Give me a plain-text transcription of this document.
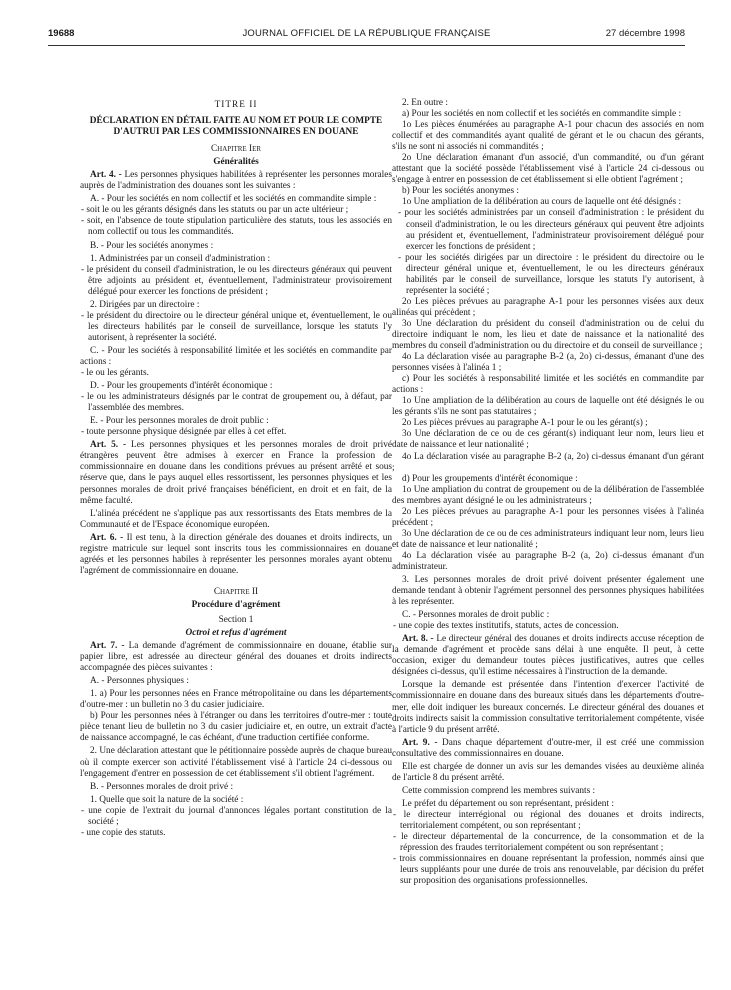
19688	JOURNAL OFFICIEL DE LA RÉPUBLIQUE FRANÇAISE	27 décembre 1998

TITRE II

DÉCLARATION EN DÉTAIL FAITE AU NOM ET POUR LE COMPTE D'AUTRUI PAR LES COMMISSIONNAIRES EN DOUANE

Chapitre Ier

Généralités

Art. 4. - Les personnes physiques habilitées à représenter les personnes morales auprès de l'administration des douanes sont les suivantes :

A. - Pour les sociétés en nom collectif et les sociétés en commandite simple :

- soit le ou les gérants désignés dans les statuts ou par un acte ultérieur ;

- soit, en l'absence de toute stipulation particulière des statuts, tous les associés en nom collectif ou tous les commandités.

B. - Pour les sociétés anonymes :

1. Administrées par un conseil d'administration :

- le président du conseil d'administration, le ou les directeurs généraux qui peuvent être adjoints au président et, éventuellement, l'administrateur provisoirement délégué pour exercer les fonctions de président ;

2. Dirigées par un directoire :

- le président du directoire ou le directeur général unique et, éventuellement, le ou les directeurs habilités par le conseil de surveillance, lorsque les statuts l'y autorisent, à représenter la société.

C. - Pour les sociétés à responsabilité limitée et les sociétés en commandite par actions :

- le ou les gérants.

D. - Pour les groupements d'intérêt économique :

- le ou les administrateurs désignés par le contrat de groupement ou, à défaut, par l'assemblée des membres.

E. - Pour les personnes morales de droit public :

- toute personne physique désignée par elles à cet effet.

Art. 5. - Les personnes physiques et les personnes morales de droit privé étrangères peuvent être admises à exercer en France la profession de commissionnaire en douane dans les conditions prévues au présent arrêté et sous réserve que, dans le pays auquel elles ressortissent, les personnes physiques et les personnes morales de droit privé françaises bénéficient, en droit et en fait, de la même faculté.

L'alinéa précédent ne s'applique pas aux ressortissants des Etats membres de la Communauté et de l'Espace économique européen.

Art. 6. - Il est tenu, à la direction générale des douanes et droits indirects, un registre matricule sur lequel sont inscrits tous les commissionnaires en douane agréés et les personnes habiles à représenter les personnes morales ayant obtenu l'agrément de commissionnaire en douane.

Chapitre II

Procédure d'agrément

Section 1

Octroi et refus d'agrément

Art. 7. - La demande d'agrément de commissionnaire en douane, établie sur papier libre, est adressée au directeur général des douanes et droits indirects accompagnée des pièces suivantes :

A. - Personnes physiques :

1. a) Pour les personnes nées en France métropolitaine ou dans les départements d'outre-mer : un bulletin no 3 du casier judiciaire.

b) Pour les personnes nées à l'étranger ou dans les territoires d'outre-mer : toute pièce tenant lieu de bulletin no 3 du casier judiciaire et, en outre, un extrait d'acte de naissance accompagné, le cas échéant, d'une traduction certifiée conforme.

2. Une déclaration attestant que le pétitionnaire possède auprès de chaque bureau où il compte exercer son activité l'établissement visé à l'article 24 ci-dessous ou l'engagement d'entrer en possession de cet établissement s'il obtient l'agrément.

B. - Personnes morales de droit privé :

1. Quelle que soit la nature de la société :

- une copie de l'extrait du journal d'annonces légales portant constitution de la société ;

- une copie des statuts.

2. En outre :

a) Pour les sociétés en nom collectif et les sociétés en commandite simple :

1o Les pièces énumérées au paragraphe A-1 pour chacun des associés en nom collectif et des commandités ayant qualité de gérant et le ou chacun des gérants, s'ils ne sont ni associés ni commandités ;

2o Une déclaration émanant d'un associé, d'un commandité, ou d'un gérant attestant que la société possède l'établissement visé à l'article 24 ci-dessous ou s'engage à entrer en possession de cet établissement si elle obtient l'agrément ;

b) Pour les sociétés anonymes :

1o Une ampliation de la délibération au cours de laquelle ont été désignés :

- pour les sociétés administrées par un conseil d'administration : le président du conseil d'administration, le ou les directeurs généraux qui peuvent être adjoints au président et, éventuellement, l'administrateur provisoirement délégué pour exercer les fonctions de président ;

- pour les sociétés dirigées par un directoire : le président du directoire ou le directeur général unique et, éventuellement, le ou les directeurs généraux habilités par le conseil de surveillance, lorsque les statuts l'y autorisent, à représenter la société ;

2o Les pièces prévues au paragraphe A-1 pour les personnes visées aux deux alinéas qui précèdent ;

3o Une déclaration du président du conseil d'administration ou de celui du directoire indiquant le nom, les lieu et date de naissance et la nationalité des membres du conseil d'administration ou du directoire et du conseil de surveillance ;

4o La déclaration visée au paragraphe B-2 (a, 2o) ci-dessus, émanant d'une des personnes visées à l'alinéa 1 ;

c) Pour les sociétés à responsabilité limitée et les sociétés en commandite par actions :

1o Une ampliation de la délibération au cours de laquelle ont été désignés le ou les gérants s'ils ne sont pas statutaires ;

2o Les pièces prévues au paragraphe A-1 pour le ou les gérant(s) ;

3o Une déclaration de ce ou de ces gérant(s) indiquant leur nom, leurs lieu et date de naissance et leur nationalité ;

4o La déclaration visée au paragraphe B-2 (a, 2o) ci-dessus émanant d'un gérant ;

d) Pour les groupements d'intérêt économique :

1o Une ampliation du contrat de groupement ou de la délibération de l'assemblée des membres ayant désigné le ou les administrateurs ;

2o Les pièces prévues au paragraphe A-1 pour les personnes visées à l'alinéa précédent ;

3o Une déclaration de ce ou de ces administrateurs indiquant leur nom, leurs lieu et date de naissance et leur nationalité ;

4o La déclaration visée au paragraphe B-2 (a, 2o) ci-dessus émanant d'un administrateur.

3. Les personnes morales de droit privé doivent présenter également une demande tendant à obtenir l'agrément personnel des personnes physiques habilitées à les représenter.

C. - Personnes morales de droit public :

- une copie des textes institutifs, statuts, actes de concession.

Art. 8. - Le directeur général des douanes et droits indirects accuse réception de la demande d'agrément et procède sans délai à une enquête. Il peut, à cette occasion, exiger du demandeur toutes pièces justificatives, autres que celles désignées ci-dessus, qu'il estime nécessaires à l'instruction de la demande.

Lorsque la demande est présentée dans l'intention d'exercer l'activité de commissionnaire en douane dans des bureaux situés dans les départements d'outre-mer, elle doit indiquer les bureaux concernés. Le directeur général des douanes et droits indirects saisit la commission consultative territorialement compétente, visée à l'article 9 du présent arrêté.

Art. 9. - Dans chaque département d'outre-mer, il est créé une commission consultative des commissionnaires en douane.

Elle est chargée de donner un avis sur les demandes visées au deuxième alinéa de l'article 8 du présent arrêté.

Cette commission comprend les membres suivants :

Le préfet du département ou son représentant, président :

- le directeur interrégional ou régional des douanes et droits indirects, territorialement compétent, ou son représentant ;

- le directeur départemental de la concurrence, de la consommation et de la répression des fraudes territorialement compétent ou son représentant ;

- trois commissionnaires en douane représentant la profession, nommés ainsi que leurs suppléants pour une durée de trois ans renouvelable, par décision du préfet sur proposition des organisations professionnelles.
